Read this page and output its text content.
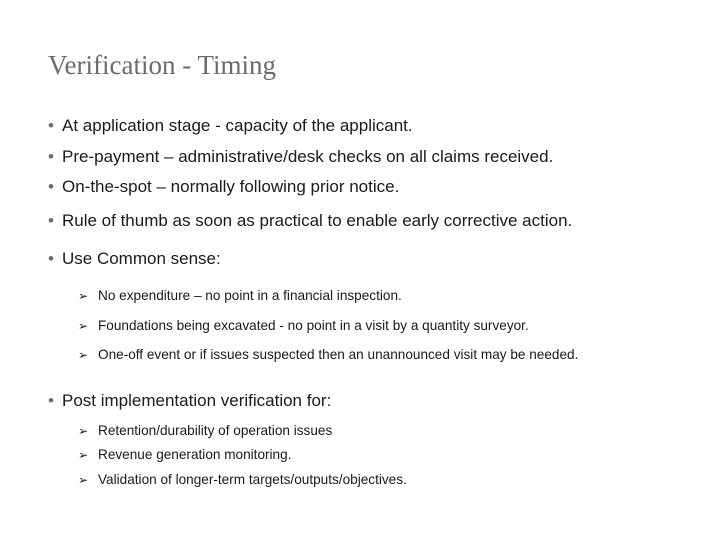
Verification - Timing
• At application stage - capacity of the applicant.
• Pre-payment – administrative/desk checks on all claims received.
• On-the-spot – normally following prior notice.
• Rule of thumb as soon as practical to enable early corrective action.
• Use Common sense:
➢ No expenditure – no point in a financial inspection.
➢ Foundations being excavated - no point in a visit by a quantity surveyor.
➢ One-off event or if issues suspected then an unannounced visit may be needed.
• Post implementation verification for:
➢ Retention/durability of operation issues
➢ Revenue generation monitoring.
➢ Validation of longer-term targets/outputs/objectives.
